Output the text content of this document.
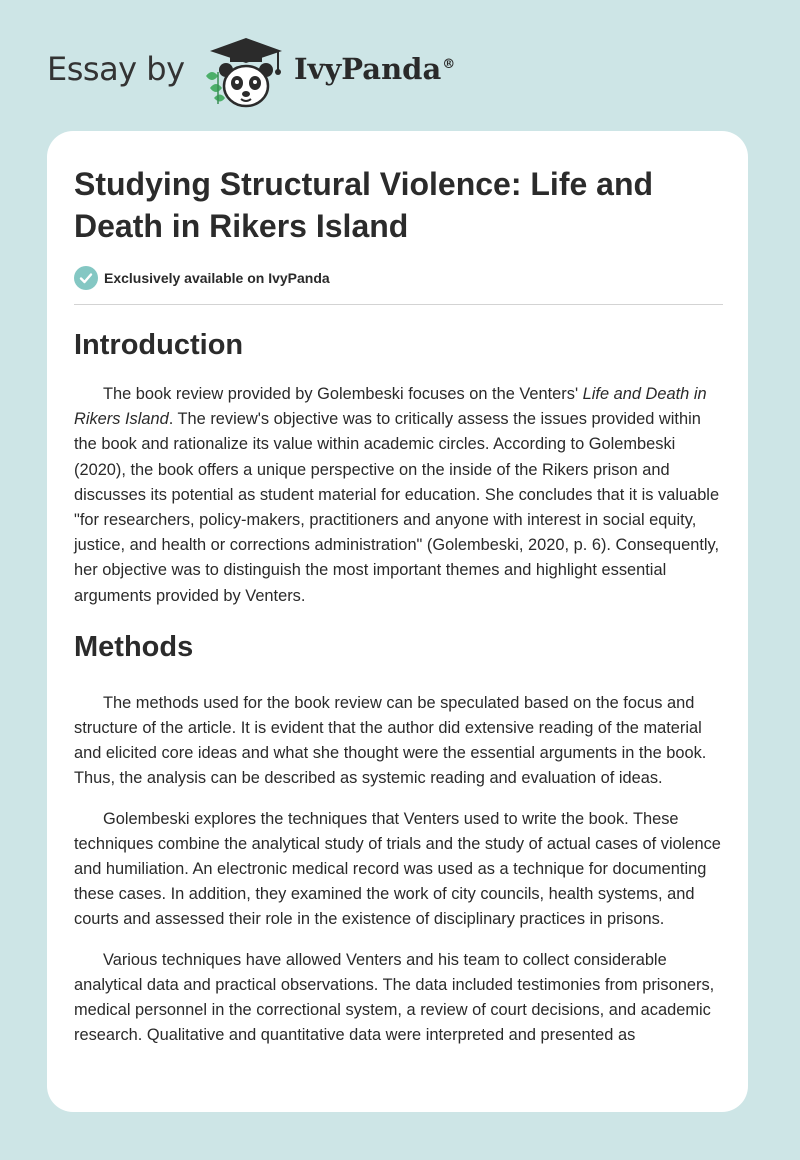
Essay by	IvyPanda®
Studying Structural Violence: Life and Death in Rikers Island
Exclusively available on IvyPanda
Introduction

The book review provided by Golembeski focuses on the Venters' Life and Death in Rikers Island. The review's objective was to critically assess the issues provided within the book and rationalize its value within academic circles. According to Golembeski (2020), the book offers a unique perspective on the inside of the Rikers prison and discusses its potential as student material for education. She concludes that it is valuable "for researchers, policy-makers, practitioners and anyone with interest in social equity, justice, and health or corrections administration" (Golembeski, 2020, p. 6). Consequently, her objective was to distinguish the most important themes and highlight essential arguments provided by Venters.

Methods

The methods used for the book review can be speculated based on the focus and structure of the article. It is evident that the author did extensive reading of the material and elicited core ideas and what she thought were the essential arguments in the book. Thus, the analysis can be described as systemic reading and evaluation of ideas.

Golembeski explores the techniques that Venters used to write the book. These techniques combine the analytical study of trials and the study of actual cases of violence and humiliation. An electronic medical record was used as a technique for documenting these cases. In addition, they examined the work of city councils, health systems, and courts and assessed their role in the existence of disciplinary practices in prisons.

Various techniques have allowed Venters and his team to collect considerable analytical data and practical observations. The data included testimonies from prisoners, medical personnel in the correctional system, a review of court decisions, and academic research. Qualitative and quantitative data were interpreted and presented as
